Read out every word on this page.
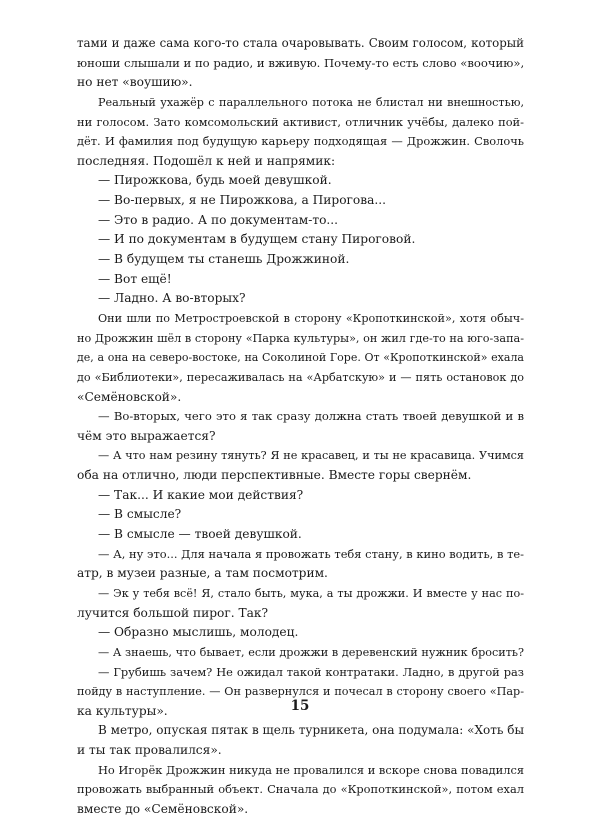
тами и даже сама кого-то стала очаровывать. Своим голосом, который
юноши слышали и по радио, и вживую. Почему-то есть слово «воочию»,
но нет «воушию».
Реальный ухажёр с параллельного потока не блистал ни внешностью,
ни голосом. Зато комсомольский активист, отличник учёбы, далеко пой-
дёт. И фамилия под будущую карьеру подходящая — Дрожжин. Сволочь
последняя. Подошёл к ней и напрямик:
— Пирожкова, будь моей девушкой.
— Во-первых, я не Пирожкова, а Пирогова...
— Это в радио. А по документам-то...
— И по документам в будущем стану Пироговой.
— В будущем ты станешь Дрожжиной.
— Вот ещё!
— Ладно. А во-вторых?
Они шли по Метростроевской в сторону «Кропоткинской», хотя обыч-
но Дрожжин шёл в сторону «Парка культуры», он жил где-то на юго-запа-
де, а она на северо-востоке, на Соколиной Горе. От «Кропоткинской» ехала
до «Библиотеки», пересаживалась на «Арбатскую» и — пять остановок до
«Семёновской».
— Во-вторых, чего это я так сразу должна стать твоей девушкой и в
чём это выражается?
— А что нам резину тянуть? Я не красавец, и ты не красавица. Учимся
оба на отлично, люди перспективные. Вместе горы свернём.
— Так... И какие мои действия?
— В смысле?
— В смысле — твоей девушкой.
— А, ну это... Для начала я провожать тебя стану, в кино водить, в те-
атр, в музеи разные, а там посмотрим.
— Эк у тебя всё! Я, стало быть, мука, а ты дрожжи. И вместе у нас по-
лучится большой пирог. Так?
— Образно мыслишь, молодец.
— А знаешь, что бывает, если дрожжи в деревенский нужник бросить?
— Грубишь зачем? Не ожидал такой контратаки. Ладно, в другой раз
пойду в наступление. — Он развернулся и почесал в сторону своего «Пар-
ка культуры».
В метро, опуская пятак в щель турникета, она подумала: «Хоть бы
и ты так провалился».
Но Игорёк Дрожжин никуда не провалился и вскоре снова повадился
провожать выбранный объект. Сначала до «Кропоткинской», потом ехал
вместе до «Семёновской».
15
